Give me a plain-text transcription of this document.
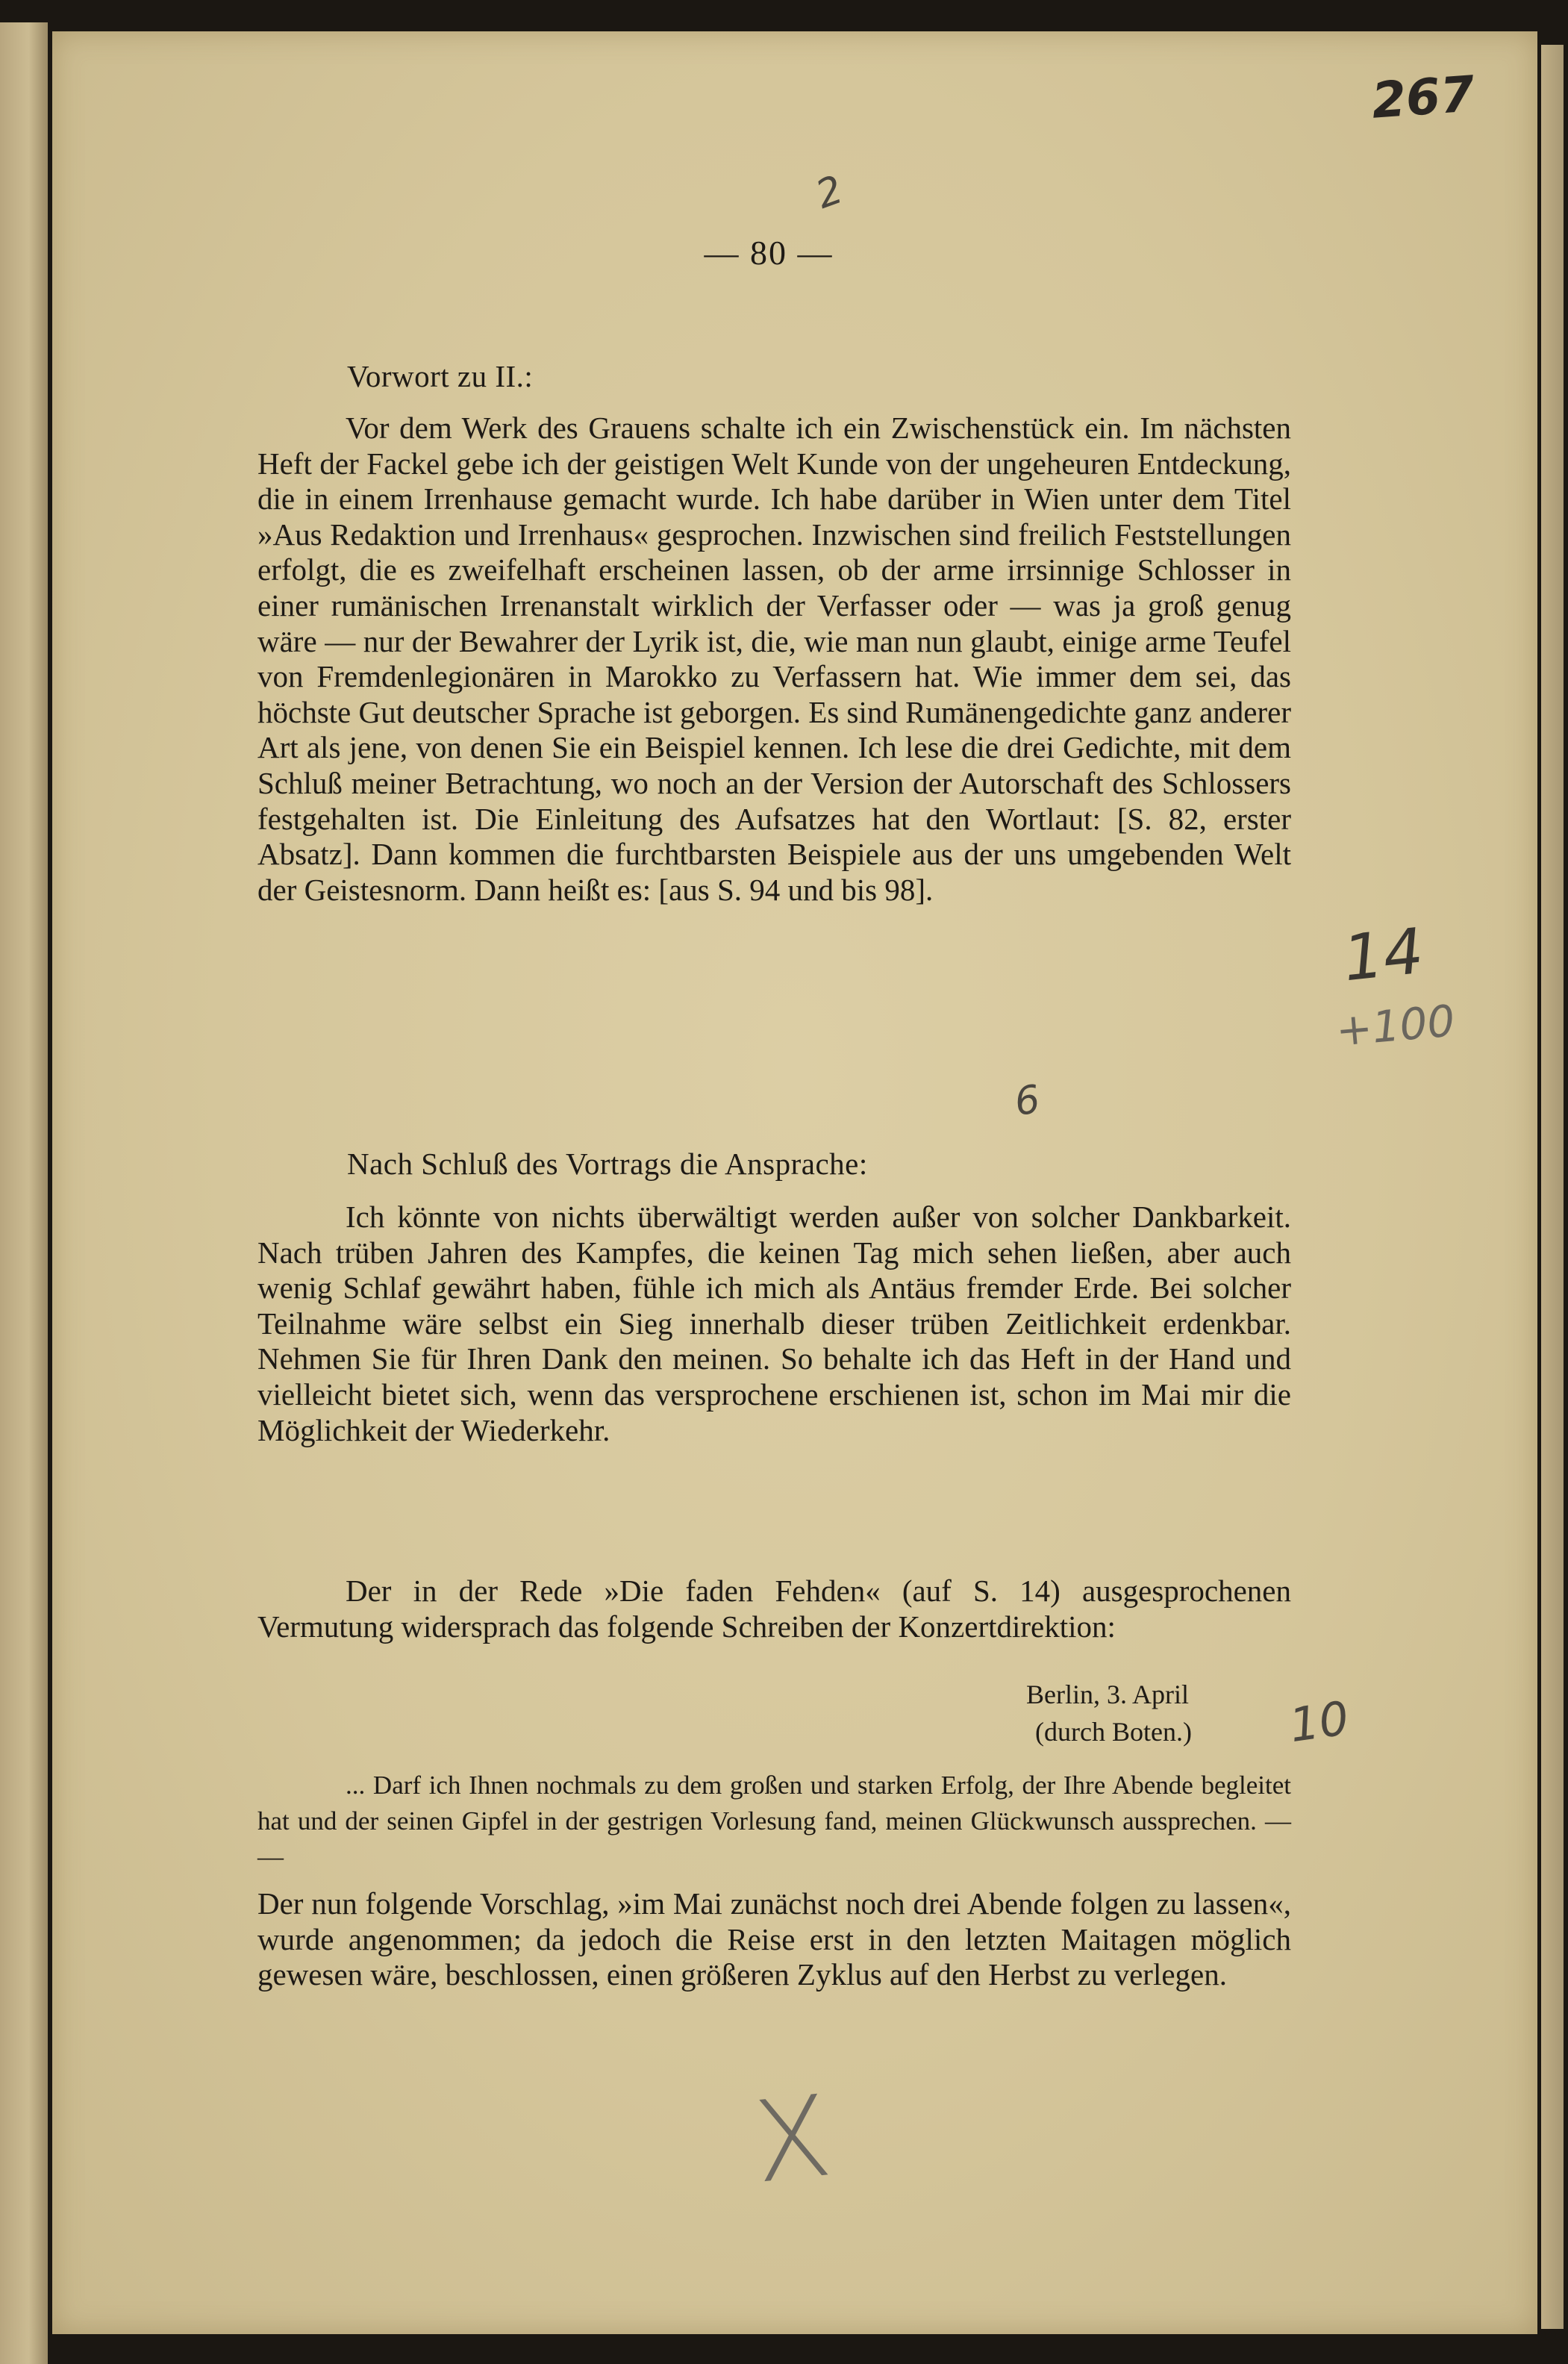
267
2
— 80 —
Vorwort zu II.:

Vor dem Werk des Grauens schalte ich ein Zwischenstück ein. Im nächsten Heft der Fackel gebe ich der geistigen Welt Kunde von der ungeheuren Entdeckung, die in einem Irrenhause gemacht wurde. Ich habe darüber in Wien unter dem Titel »Aus Redaktion und Irrenhaus« gesprochen. Inzwischen sind freilich Feststellungen erfolgt, die es zweifelhaft erscheinen lassen, ob der arme irrsinnige Schlosser in einer rumänischen Irrenanstalt wirklich der Verfasser oder — was ja groß genug wäre — nur der Bewahrer der Lyrik ist, die, wie man nun glaubt, einige arme Teufel von Fremdenlegionären in Marokko zu Verfassern hat. Wie immer dem sei, das höchste Gut deutscher Sprache ist geborgen. Es sind Rumänengedichte ganz anderer Art als jene, von denen Sie ein Beispiel kennen. Ich lese die drei Gedichte, mit dem Schluß meiner Betrachtung, wo noch an der Version der Autorschaft des Schlossers festgehalten ist. Die Einleitung des Aufsatzes hat den Wortlaut: [S. 82, erster Absatz]. Dann kommen die furchtbarsten Beispiele aus der uns umgebenden Welt der Geistesnorm. Dann heißt es: [aus S. 94 und bis 98].

14
+100
6
Nach Schluß des Vortrags die Ansprache:

Ich könnte von nichts überwältigt werden außer von solcher Dankbarkeit. Nach trüben Jahren des Kampfes, die keinen Tag mich sehen ließen, aber auch wenig Schlaf gewährt haben, fühle ich mich als Antäus fremder Erde. Bei solcher Teilnahme wäre selbst ein Sieg innerhalb dieser trüben Zeitlichkeit erdenkbar. Nehmen Sie für Ihren Dank den meinen. So behalte ich das Heft in der Hand und vielleicht bietet sich, wenn das versprochene erschienen ist, schon im Mai mir die Möglichkeit der Wiederkehr.

Der in der Rede »Die faden Fehden« (auf S. 14) ausgesprochenen Vermutung widersprach das folgende Schreiben der Konzertdirektion:

Berlin, 3. April
(durch Boten.) 10

... Darf ich Ihnen nochmals zu dem großen und starken Erfolg, der Ihre Abende begleitet hat und der seinen Gipfel in der gestrigen Vorlesung fand, meinen Glückwunsch aussprechen. — —

Der nun folgende Vorschlag, »im Mai zunächst noch drei Abende folgen zu lassen«, wurde angenommen; da jedoch die Reise erst in den letzten Maitagen möglich gewesen wäre, beschlossen, einen größeren Zyklus auf den Herbst zu verlegen.

X
